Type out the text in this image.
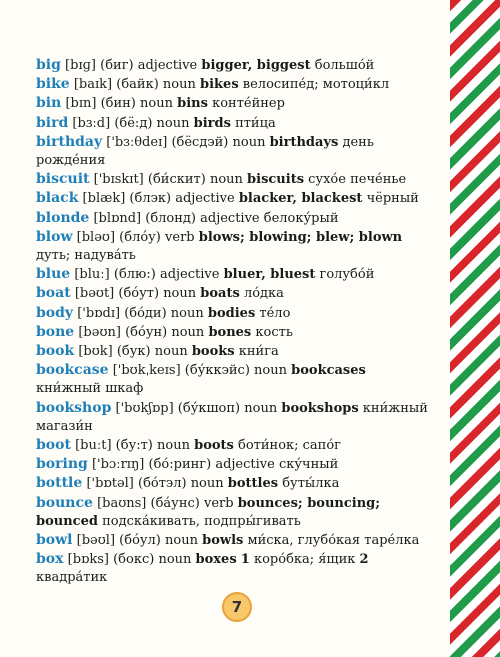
big [bɪɡ] (биг) adjective bigger, biggest большо́й

bike [baɪk] (байк) noun bikes велосипе́д; мотоци́кл

bin [bɪn] (бин) noun bins конте́йнер

bird [bɜːd] (бё:д) noun birds пти́ца

birthday ['bɜːθdeɪ] (бёсдэй) noun birthdays день рожде́ния

biscuit ['bɪskɪt] (би́скит) noun biscuits сухо́е пече́нье

black [blæk] (блэк) adjective blacker, blackest чёрный

blonde [blɒnd] (блонд) adjective белоку́рый

blow [bləʊ] (блóу) verb blows; blowing; blew; blown дуть; надува́ть

blue [bluː] (блю:) adjective bluer, bluest голубо́й

boat [bəʊt] (бóут) noun boats ло́дка

body ['bɒdɪ] (бо́ди) noun bodies те́ло

bone [bəʊn] (бóун) noun bones кость

book [bʊk] (бук) noun books кни́га

bookcase ['bʊkˌkeɪs] (бу́ккэйс) noun bookcases кни́жный шкаф

bookshop ['bʊkʃɒp] (бу́кшоп) noun bookshops кни́жный магази́н

boot [buːt] (бу:т) noun boots боти́нок; сапо́г

boring ['bɔːrɪŋ] (бо́:ринг) adjective ску́чный

bottle ['bɒtəl] (бо́тэл) noun bottles буты́лка

bounce [baʊns] (ба́унс) verb bounces; bouncing; bounced подска́кивать, подпры́гивать

bowl [bəʊl] (бóул) noun bowls ми́ска, глубо́кая таре́лка

box [bɒks] (бокс) noun boxes 1 коро́бка; я́щик 2 квадра́тик

7
